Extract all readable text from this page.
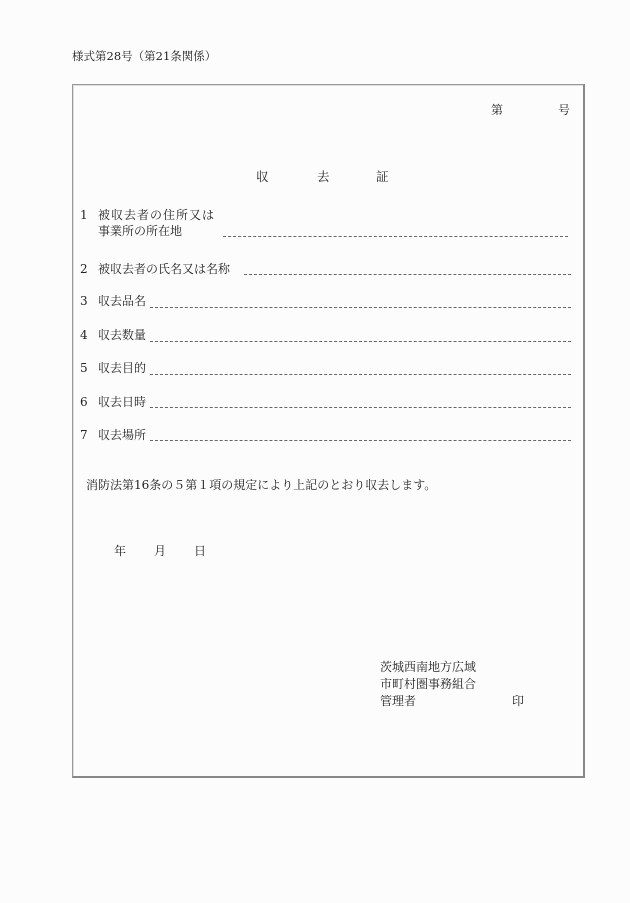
様式第28号（第21条関係）
第	号
収	去	証
1 被収去者の住所又は
事業所の所在地
2 被収去者の氏名又は名称
3 収去品名
4 収去数量
5 収去目的
6 収去日時
7 収去場所
消防法第16条の５第１項の規定により上記のとおり収去します。
年 月 日
茨城西南地方広域
市町村圏事務組合
管理者	印
